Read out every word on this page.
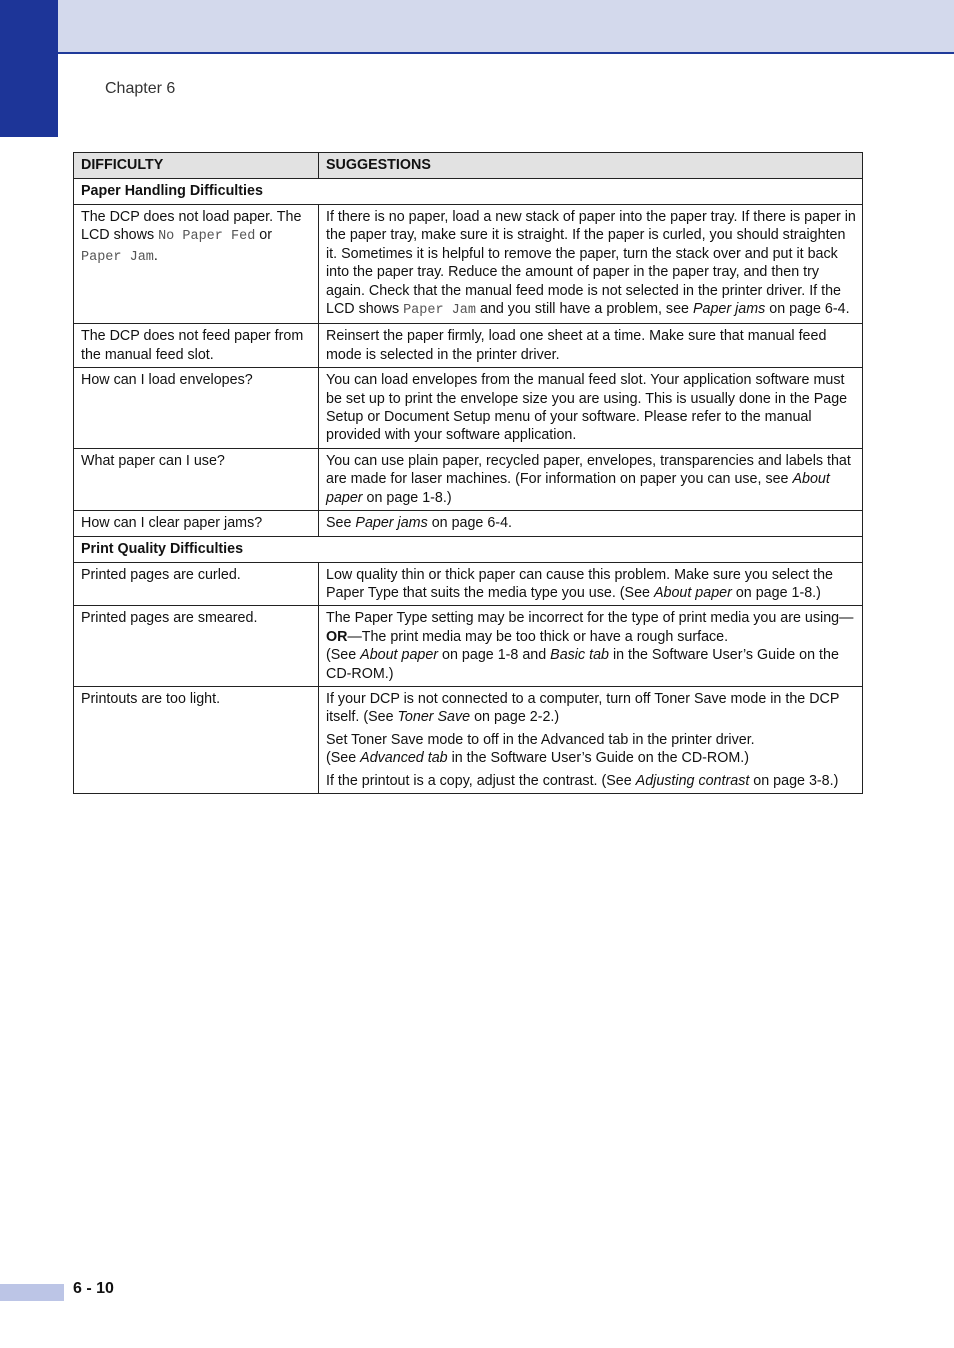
Chapter 6
DIFFICULTY	SUGGESTIONS
Paper Handling Difficulties	
The DCP does not load paper. The LCD shows No Paper Fed or Paper Jam.	If there is no paper, load a new stack of paper into the paper tray. If there is paper in the paper tray, make sure it is straight. If the paper is curled, you should straighten it. Sometimes it is helpful to remove the paper, turn the stack over and put it back into the paper tray. Reduce the amount of paper in the paper tray, and then try again. Check that the manual feed mode is not selected in the printer driver. If the LCD shows Paper Jam and you still have a problem, see Paper jams on page 6-4.
The DCP does not feed paper from the manual feed slot.	Reinsert the paper firmly, load one sheet at a time. Make sure that manual feed mode is selected in the printer driver.
How can I load envelopes?	You can load envelopes from the manual feed slot. Your application software must be set up to print the envelope size you are using. This is usually done in the Page Setup or Document Setup menu of your software. Please refer to the manual provided with your software application.
What paper can I use?	You can use plain paper, recycled paper, envelopes, transparencies and labels that are made for laser machines. (For information on paper you can use, see About paper on page 1-8.)
How can I clear paper jams?	See Paper jams on page 6-4.
Print Quality Difficulties	
Printed pages are curled.	Low quality thin or thick paper can cause this problem. Make sure you select the Paper Type that suits the media type you use. (See About paper on page 1-8.)
Printed pages are smeared.	The Paper Type setting may be incorrect for the type of print media you are using—OR—The print media may be too thick or have a rough surface.
(See About paper on page 1-8 and Basic tab in the Software User’s Guide on the CD-ROM.)

Printouts are too light.	If your DCP is not connected to a computer, turn off Toner Save mode in the DCP itself. (See Toner Save on page 2-2.)
Set Toner Save mode to off in the Advanced tab in the printer driver.
(See Advanced tab in the Software User’s Guide on the CD-ROM.)
If the printout is a copy, adjust the contrast. (See Adjusting contrast on page 3-8.)
6 - 10
